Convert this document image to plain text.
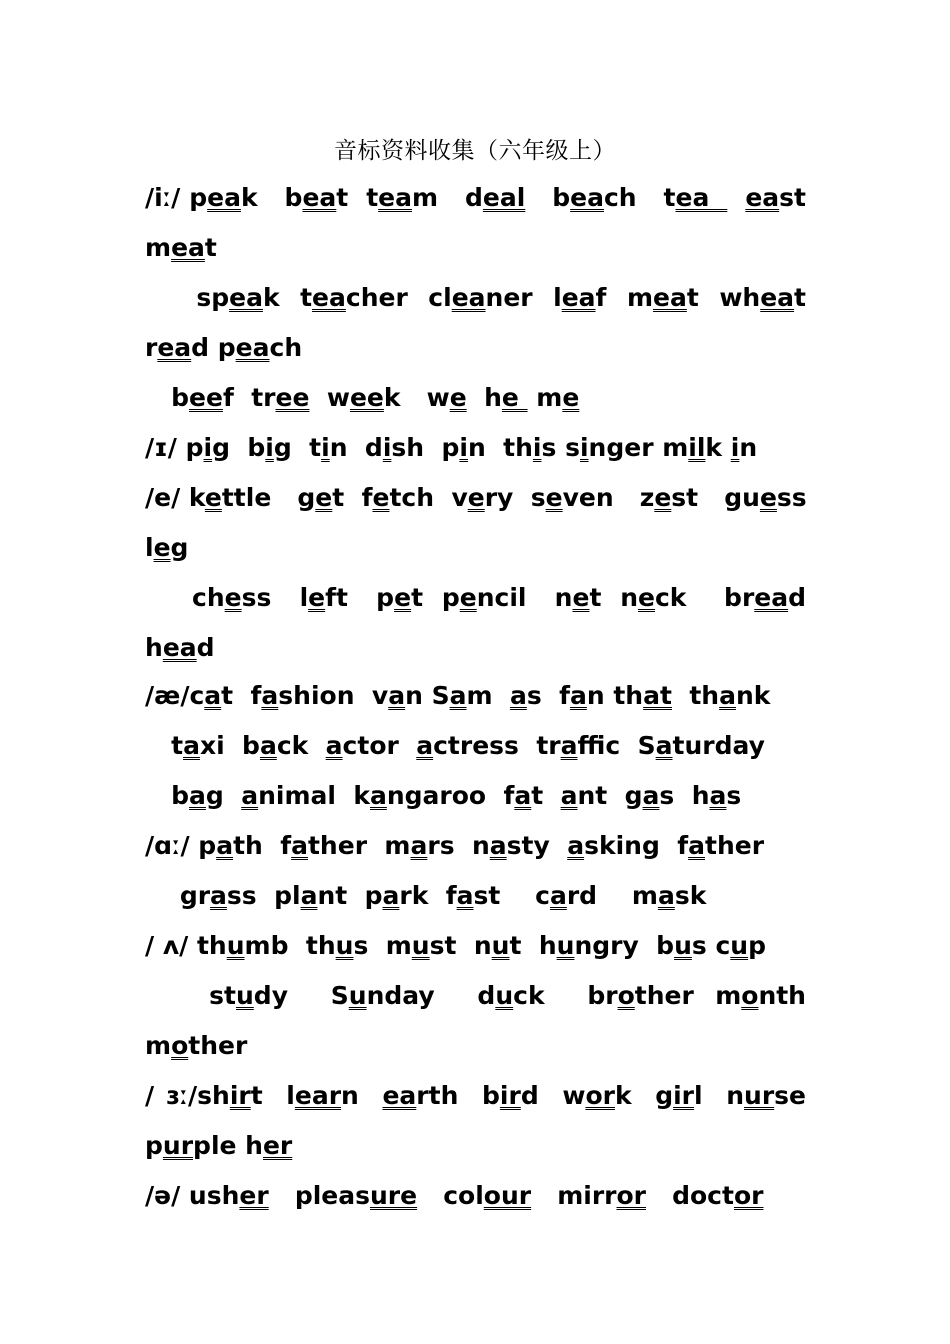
音标资料收集（六年级上）
/iː/ peak   beat  team   deal   beach   tea    east
meat
speak  teacher  cleaner  leaf  meat  wheat
read peach
beef  tree  week   we  he  me
/ɪ/ pig  big  tin  dish  pin  this singer milk in
/e/ kettle   get  fetch  very  seven   zest   guess
leg
chess   left   pet  pencil   net  neck    bread
head
/æ/cat  fashion  van Sam  as  fan that  thank
taxi  back  actor  actress  traffic  Saturday
bag  animal  kangaroo  fat  ant  gas  has
/ɑː/ path  father  mars  nasty  asking  father
grass  plant  park  fast    card    mask
/ ʌ/ thumb  thus  must  nut  hungry  bus cup
study    Sunday    duck    brother  month
mother
/ ɜː/shirt  learn  earth  bird  work  girl  nurse
purple her
/ə/ usher   pleasure   colour   mirror   doctor
